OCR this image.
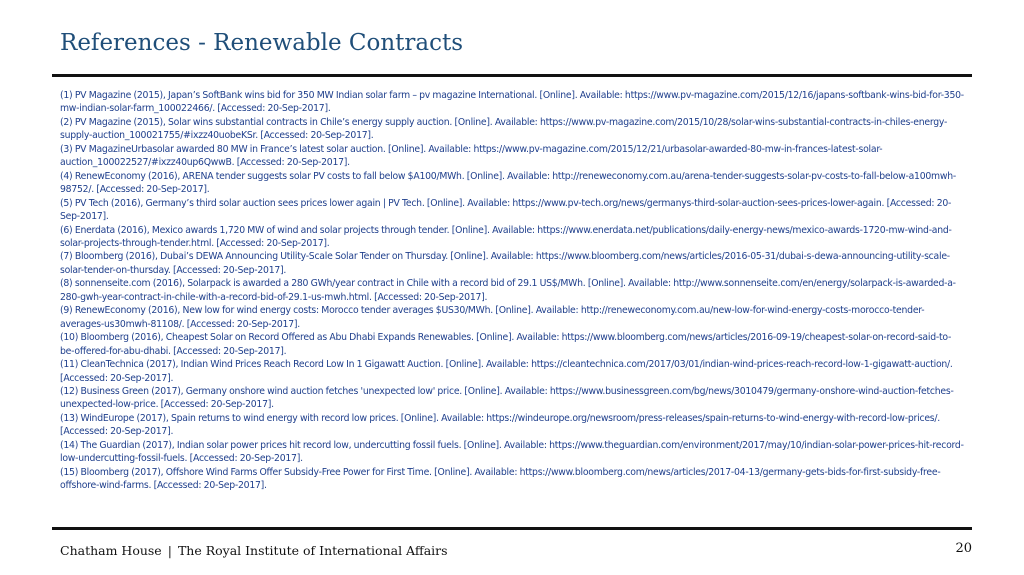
References - Renewable Contracts
(1) PV Magazine (2015), Japan’s SoftBank wins bid for 350 MW Indian solar farm – pv magazine International. [Online]. Available: https://www.pv-magazine.com/2015/12/16/japans-softbank-wins-bid-for-350-mw-indian-solar-farm_100022466/. [Accessed: 20-Sep-2017].
(2) PV Magazine (2015), Solar wins substantial contracts in Chile’s energy supply auction. [Online]. Available: https://www.pv-magazine.com/2015/10/28/solar-wins-substantial-contracts-in-chiles-energy-supply-auction_100021755/#ixzz40uobeKSr. [Accessed: 20-Sep-2017].
(3) PV MagazineUrbasolar awarded 80 MW in France’s latest solar auction. [Online]. Available: https://www.pv-magazine.com/2015/12/21/urbasolar-awarded-80-mw-in-frances-latest-solar-auction_100022527/#ixzz40up6QwwB. [Accessed: 20-Sep-2017].
(4) RenewEconomy (2016), ARENA tender suggests solar PV costs to fall below $A100/MWh. [Online]. Available: http://reneweconomy.com.au/arena-tender-suggests-solar-pv-costs-to-fall-below-a100mwh-98752/. [Accessed: 20-Sep-2017].
(5) PV Tech (2016), Germany’s third solar auction sees prices lower again | PV Tech. [Online]. Available: https://www.pv-tech.org/news/germanys-third-solar-auction-sees-prices-lower-again. [Accessed: 20-Sep-2017].
(6) Enerdata (2016), Mexico awards 1,720 MW of wind and solar projects through tender. [Online]. Available: https://www.enerdata.net/publications/daily-energy-news/mexico-awards-1720-mw-wind-and-solar-projects-through-tender.html. [Accessed: 20-Sep-2017].
(7) Bloomberg (2016), Dubai’s DEWA Announcing Utility-Scale Solar Tender on Thursday. [Online]. Available: https://www.bloomberg.com/news/articles/2016-05-31/dubai-s-dewa-announcing-utility-scale-solar-tender-on-thursday. [Accessed: 20-Sep-2017].
(8) sonnenseite.com (2016), Solarpack is awarded a 280 GWh/year contract in Chile with a record bid of 29.1 US$/MWh. [Online]. Available: http://www.sonnenseite.com/en/energy/solarpack-is-awarded-a-280-gwh-year-contract-in-chile-with-a-record-bid-of-29.1-us-mwh.html. [Accessed: 20-Sep-2017].
(9) RenewEconomy (2016), New low for wind energy costs: Morocco tender averages $US30/MWh. [Online]. Available: http://reneweconomy.com.au/new-low-for-wind-energy-costs-morocco-tender-averages-us30mwh-81108/. [Accessed: 20-Sep-2017].
(10) Bloomberg (2016), Cheapest Solar on Record Offered as Abu Dhabi Expands Renewables. [Online]. Available: https://www.bloomberg.com/news/articles/2016-09-19/cheapest-solar-on-record-said-to-be-offered-for-abu-dhabi. [Accessed: 20-Sep-2017].
(11) CleanTechnica (2017), Indian Wind Prices Reach Record Low In 1 Gigawatt Auction. [Online]. Available: https://cleantechnica.com/2017/03/01/indian-wind-prices-reach-record-low-1-gigawatt-auction/. [Accessed: 20-Sep-2017].
(12) Business Green (2017), Germany onshore wind auction fetches 'unexpected low' price. [Online]. Available: https://www.businessgreen.com/bg/news/3010479/germany-onshore-wind-auction-fetches-unexpected-low-price. [Accessed: 20-Sep-2017].
(13) WindEurope (2017), Spain returns to wind energy with record low prices. [Online]. Available: https://windeurope.org/newsroom/press-releases/spain-returns-to-wind-energy-with-record-low-prices/. [Accessed: 20-Sep-2017].
(14) The Guardian (2017), Indian solar power prices hit record low, undercutting fossil fuels. [Online]. Available: https://www.theguardian.com/environment/2017/may/10/indian-solar-power-prices-hit-record-low-undercutting-fossil-fuels. [Accessed: 20-Sep-2017].
(15) Bloomberg (2017), Offshore Wind Farms Offer Subsidy-Free Power for First Time. [Online]. Available: https://www.bloomberg.com/news/articles/2017-04-13/germany-gets-bids-for-first-subsidy-free-offshore-wind-farms. [Accessed: 20-Sep-2017].
Chatham House | The Royal Institute of International Affairs	20
